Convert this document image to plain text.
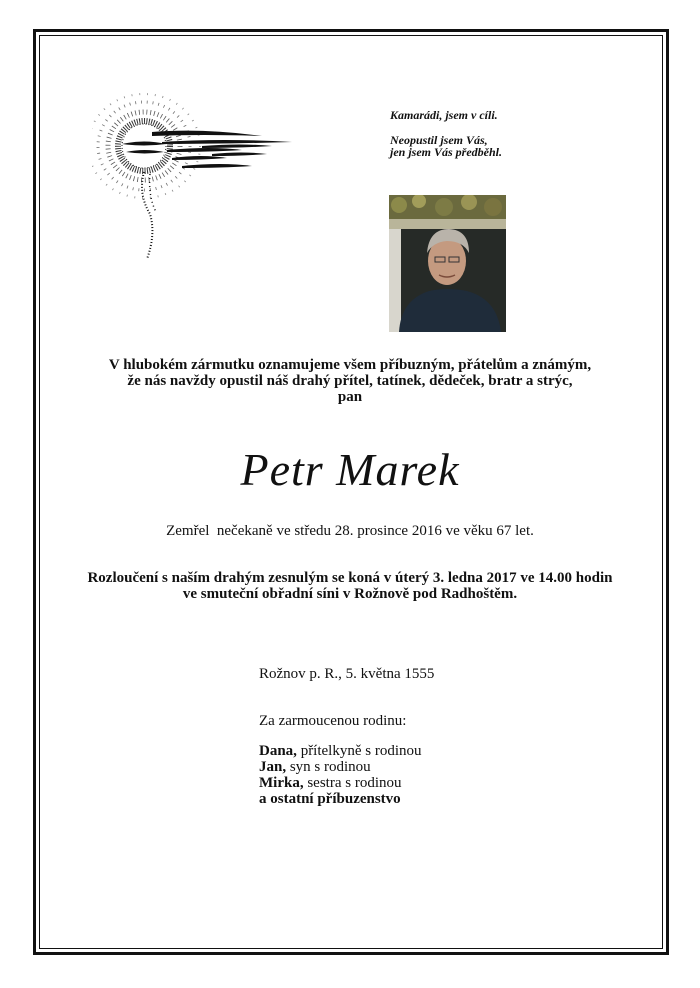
Kamarádi, jsem v cíli.
Neopustil jsem Vás,
jen jsem Vás předběhl.
V hlubokém zármutku oznamujeme všem příbuzným, přátelům a známým,
že nás navždy opustil náš drahý přítel, tatínek, dědeček, bratr a strýc,
pan
Petr Marek
Zemřel  nečekaně ve středu 28. prosince 2016 ve věku 67 let.
Rozloučení s naším drahým zesnulým se koná v úterý 3. ledna 2017 ve 14.00 hodin
ve smuteční obřadní síni v Rožnově pod Radhoštěm.
Rožnov p. R., 5. května 1555
Za zarmoucenou rodinu:
Dana, přítelkyně s rodinou
Jan, syn s rodinou
Mirka, sestra s rodinou
a ostatní příbuzenstvo
